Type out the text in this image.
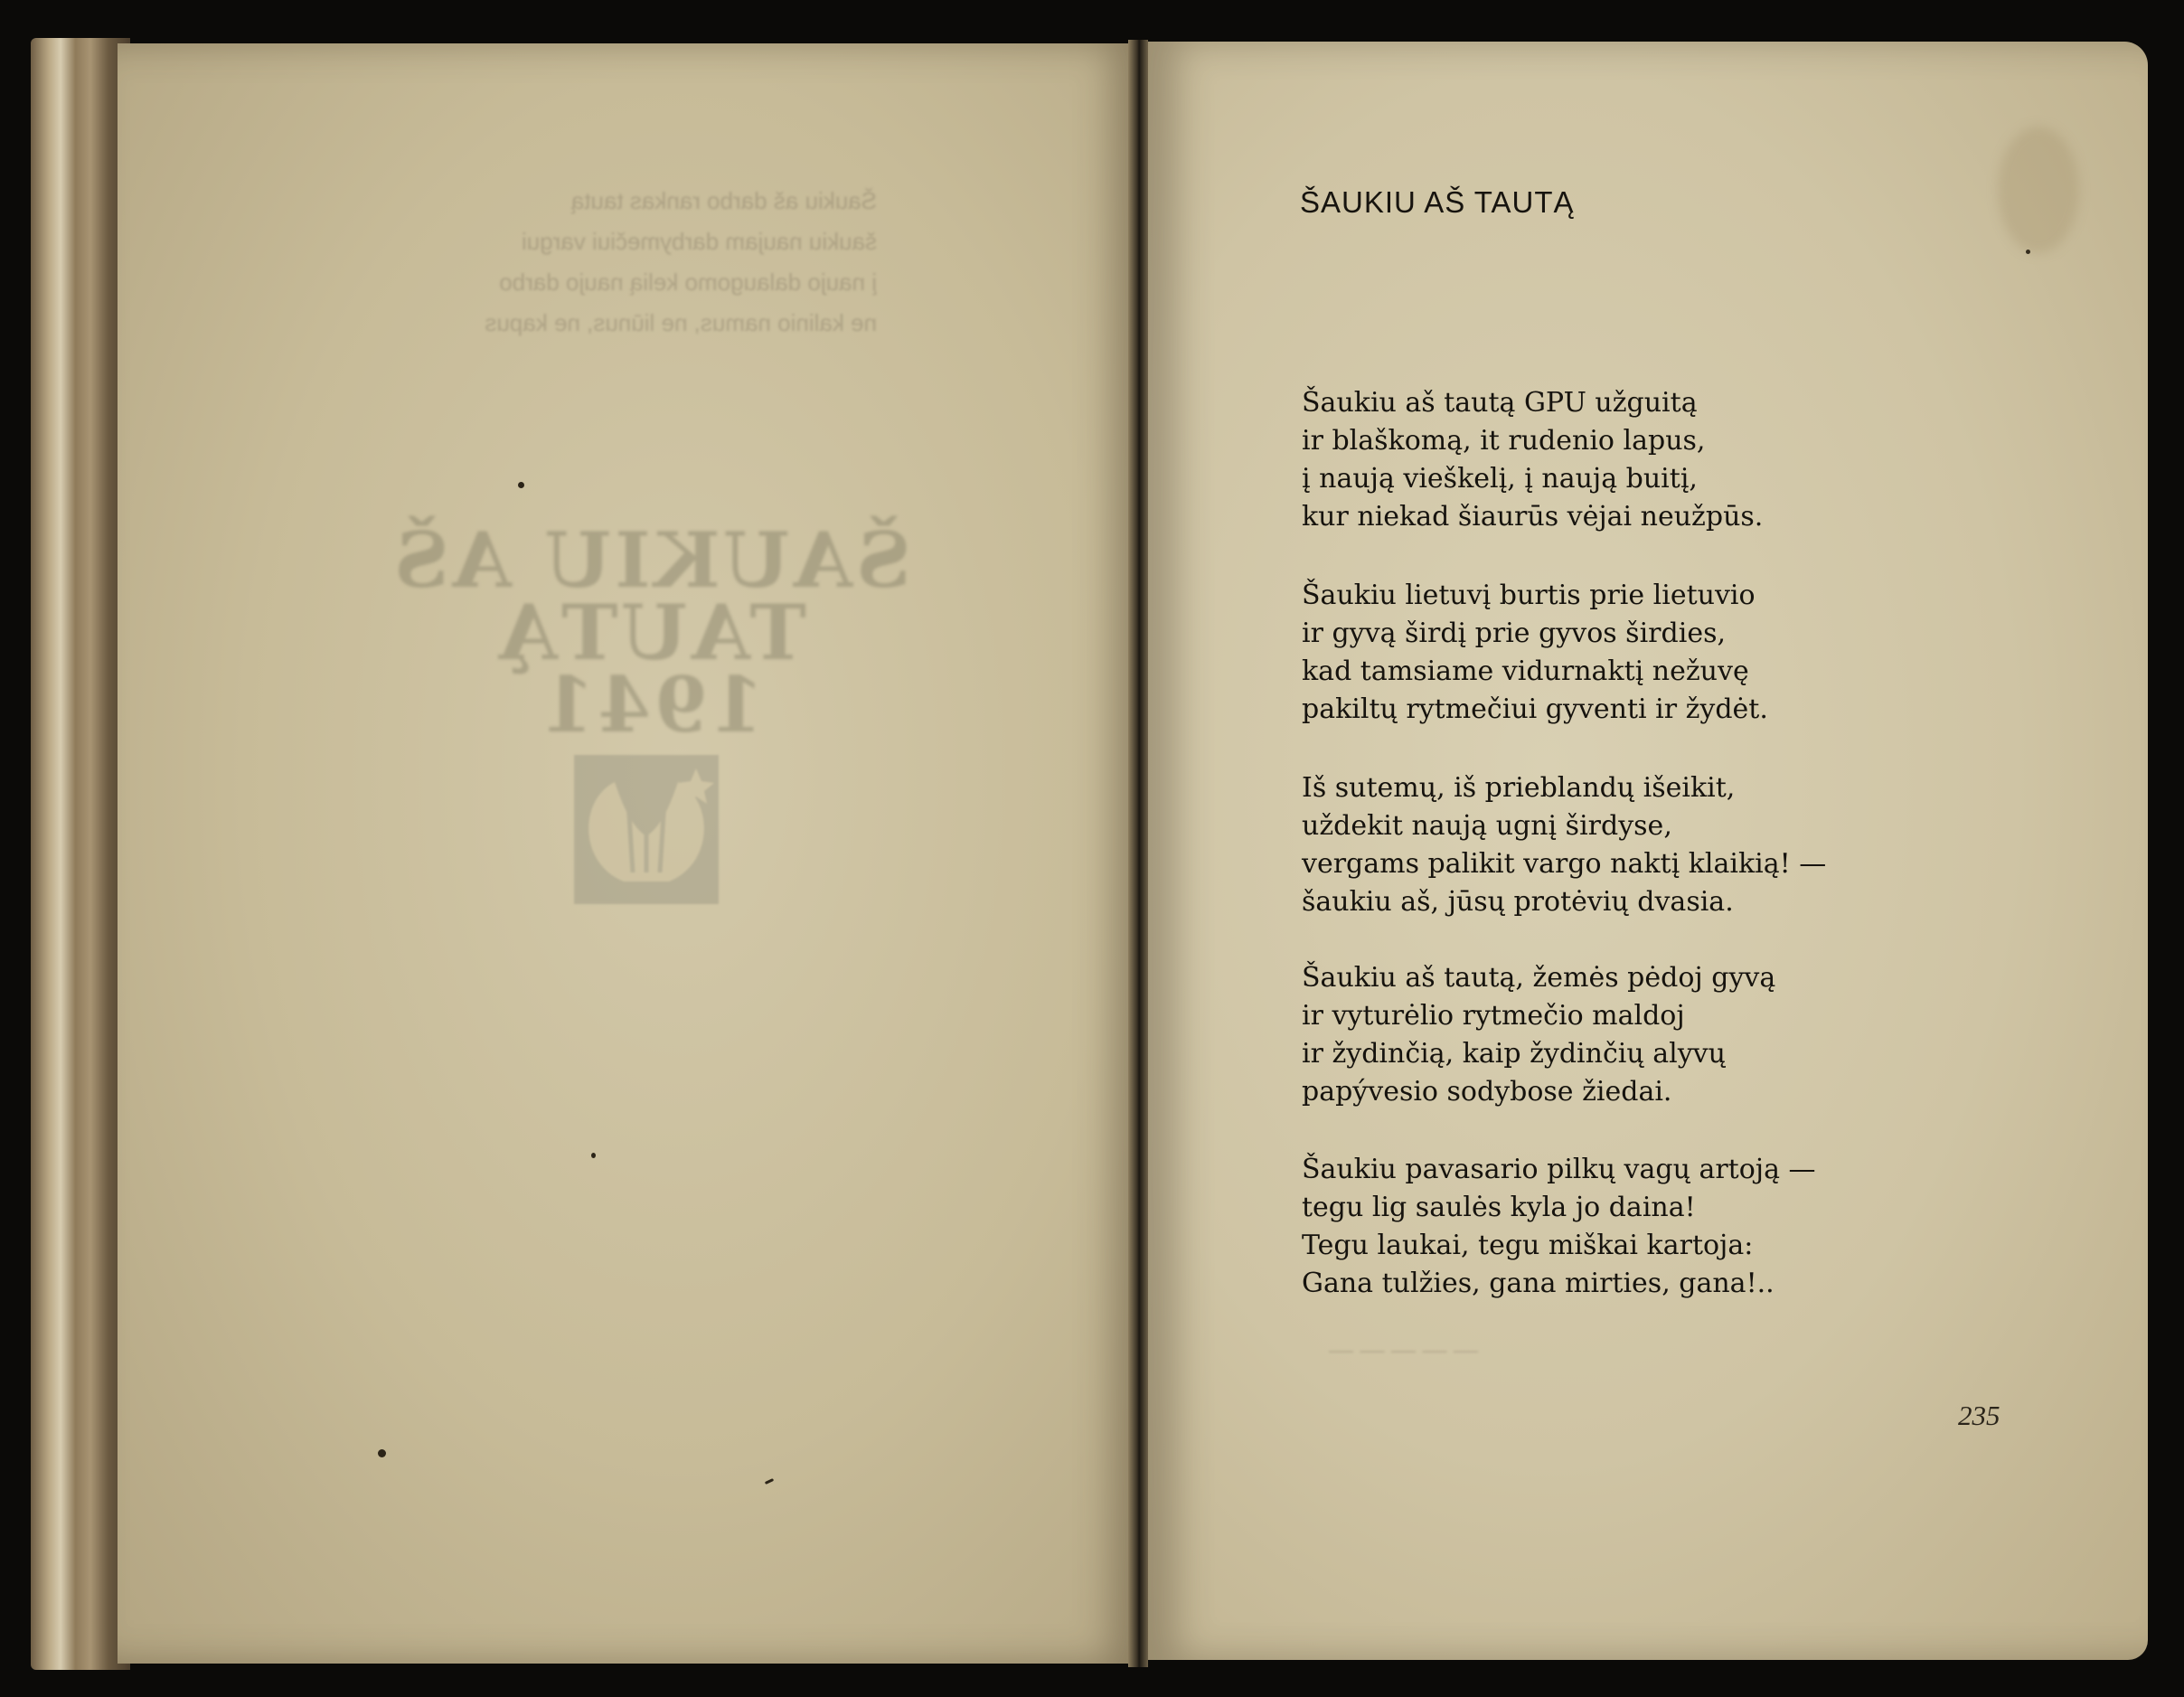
Šaukiu aš darbo rankas tautą
šaukiu naujam darbymečiui vargui
į naujo dalaugomo kelią naujo darbo
ne kalinio namus, ne liūnus, ne kapus
ŠAUKIU AŠ
TAUTĄ
1941
— — — — —
ŠAUKIU AŠ TAUTĄ
Šaukiu aš tautą GPU užguitą
ir blaškomą, it rudenio lapus,
į naują vieškelį, į naują buitį,
kur niekad šiaurūs vėjai neužpūs.
Šaukiu lietuvį burtis prie lietuvio
ir gyvą širdį prie gyvos širdies,
kad tamsiame vidurnaktį nežuvę
pakiltų rytmečiui gyventi ir žydėt.
Iš sutemų, iš prieblandų išeikit,
uždekit naują ugnį širdyse,
vergams palikit vargo naktį klaikią! —
šaukiu aš, jūsų protėvių dvasia.
Šaukiu aš tautą, žemės pėdoj gyvą
ir vyturėlio rytmečio maldoj
ir žydinčią, kaip žydinčių alyvų
papývesio sodybose žiedai.
Šaukiu pavasario pilkų vagų artoją —
tegu lig saulės kyla jo daina!
Tegu laukai, tegu miškai kartoja:
Gana tulžies, gana mirties, gana!..
235
